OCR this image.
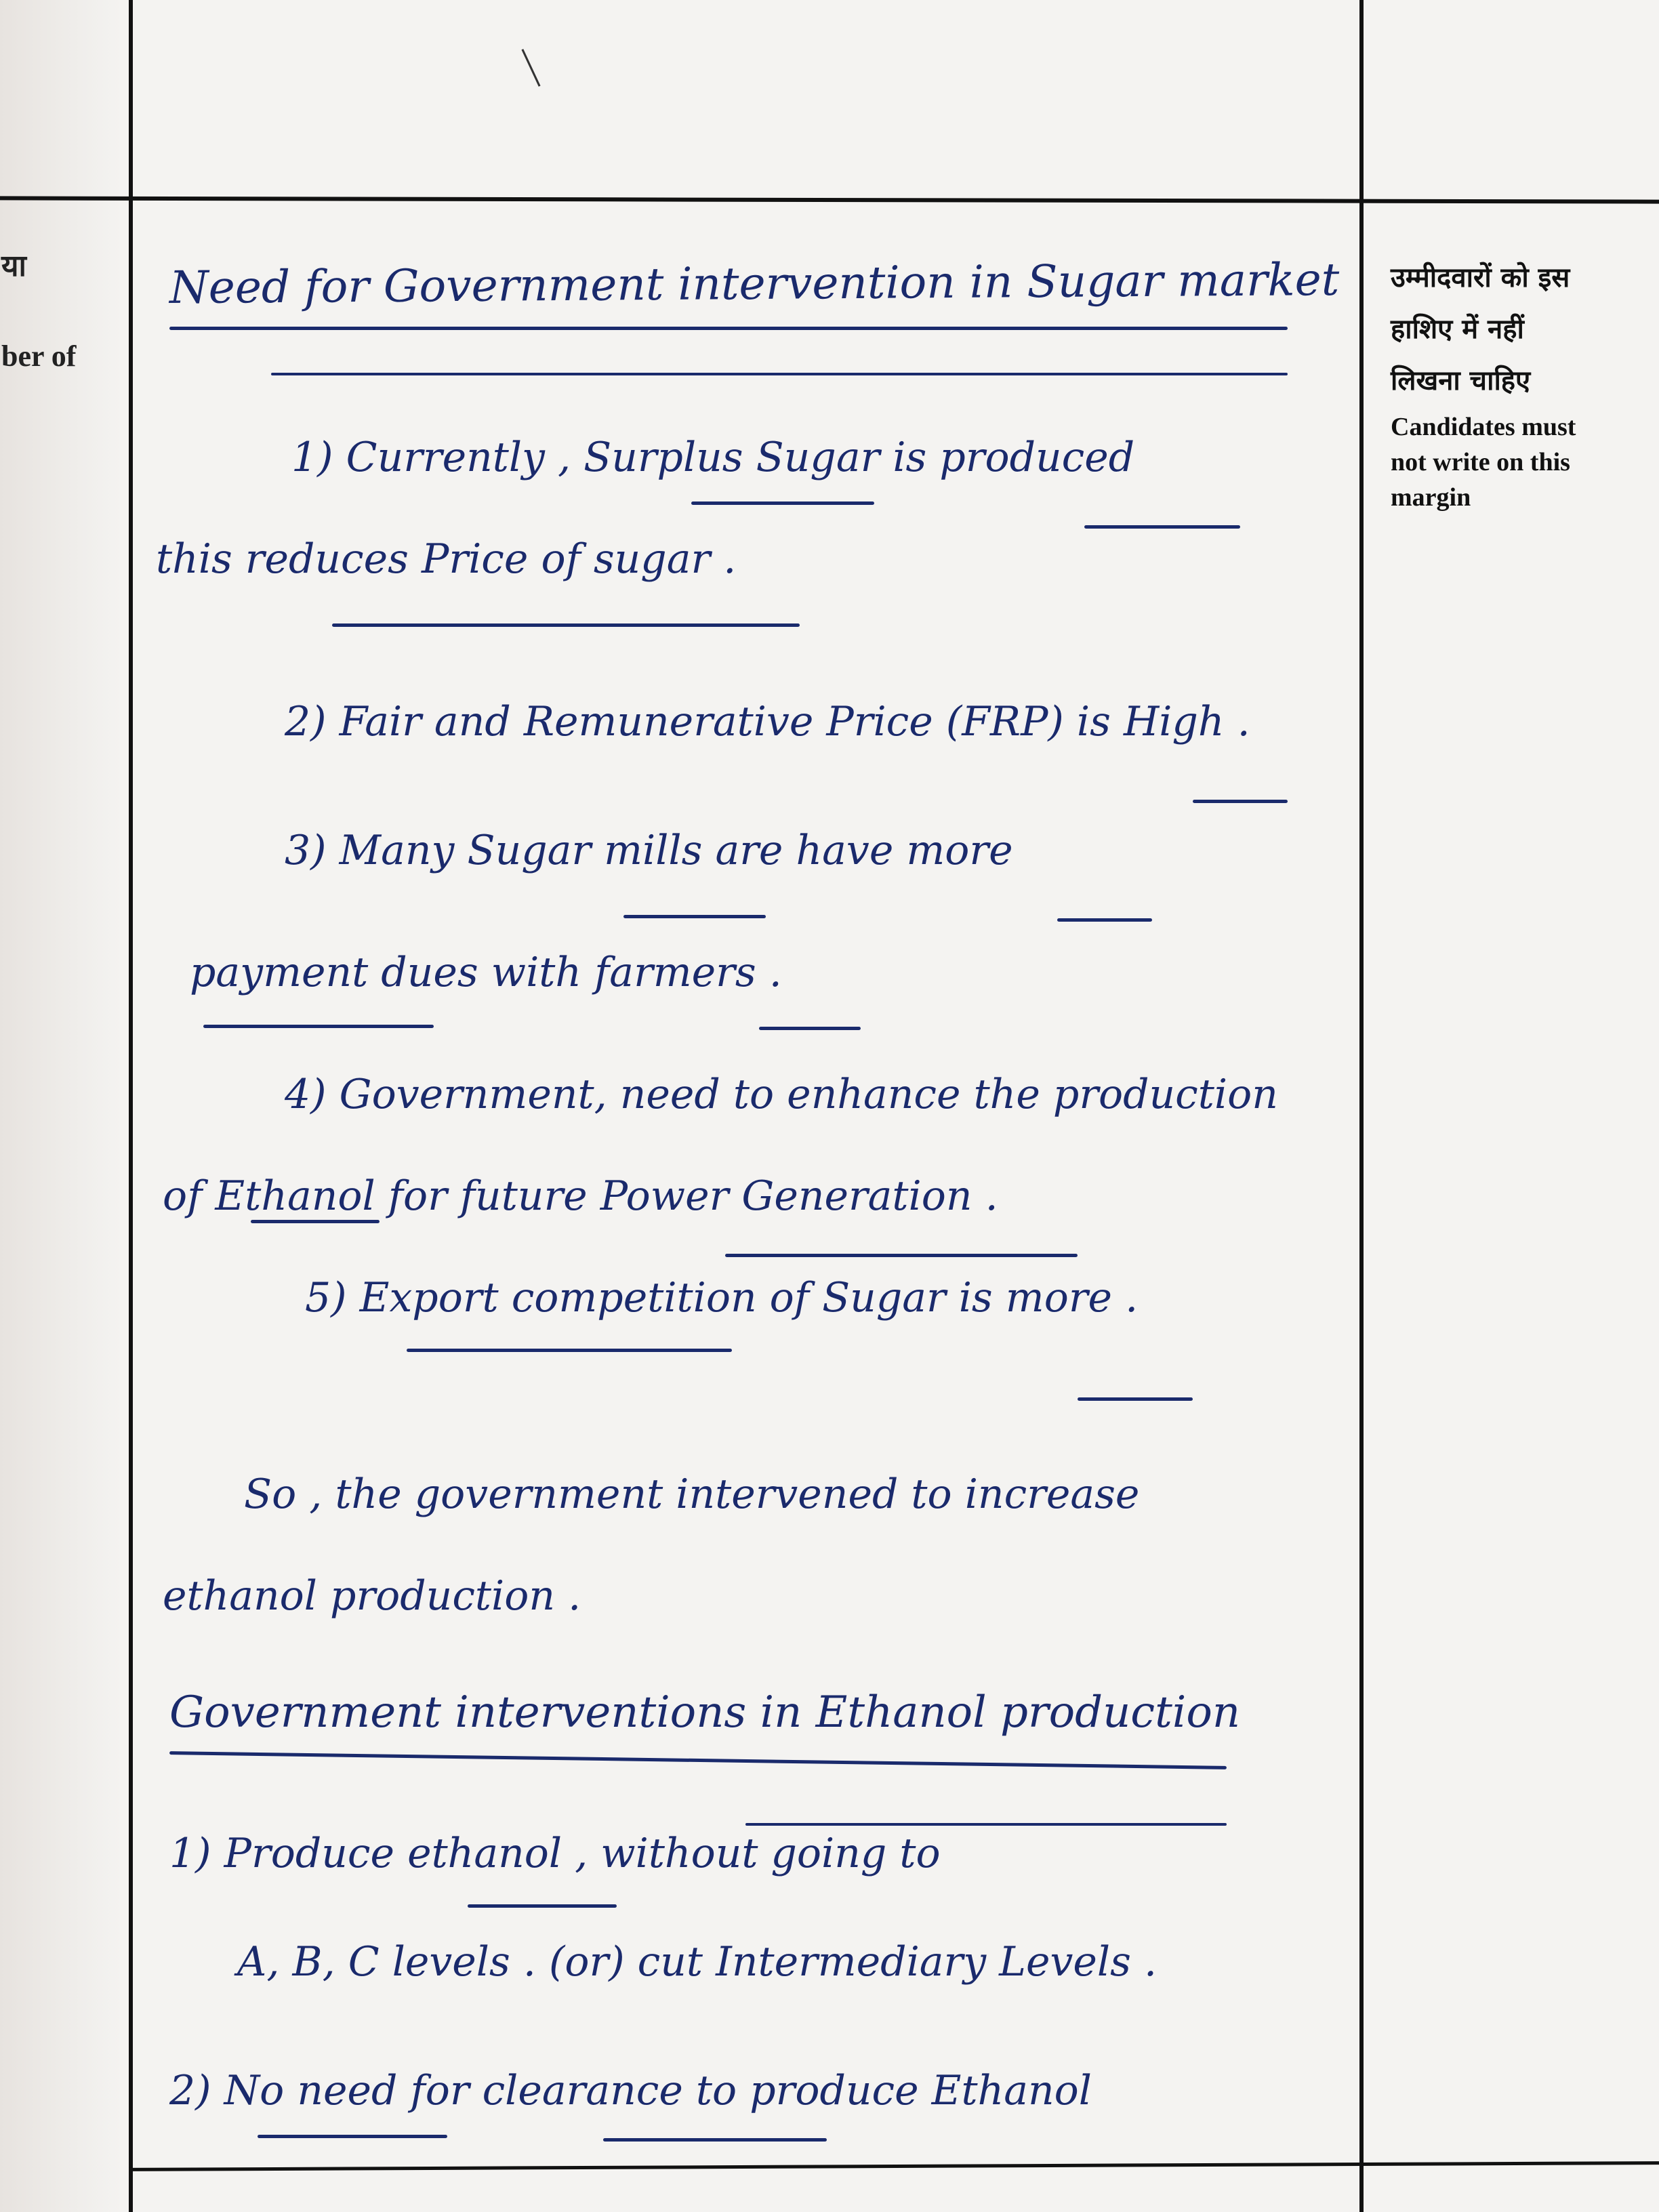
या
ber of
उम्मीदवारों को इस
हाशिए में नहीं
लिखना चाहिए
Candidates must
not write on this
margin
Need for Government intervention in Sugar market
1) Currently , Surplus Sugar is produced
this reduces Price of sugar .
2) Fair and Remunerative Price (FRP) is High .
3) Many Sugar mills are have more
payment dues with farmers .
4) Government, need to enhance the production
of Ethanol for future Power Generation .
5) Export competition of Sugar is more .
So , the government intervened to increase
ethanol production .
Government interventions in Ethanol production
1) Produce ethanol , without going to
A, B, C levels . (or) cut Intermediary Levels .
2) No need for clearance to produce Ethanol
